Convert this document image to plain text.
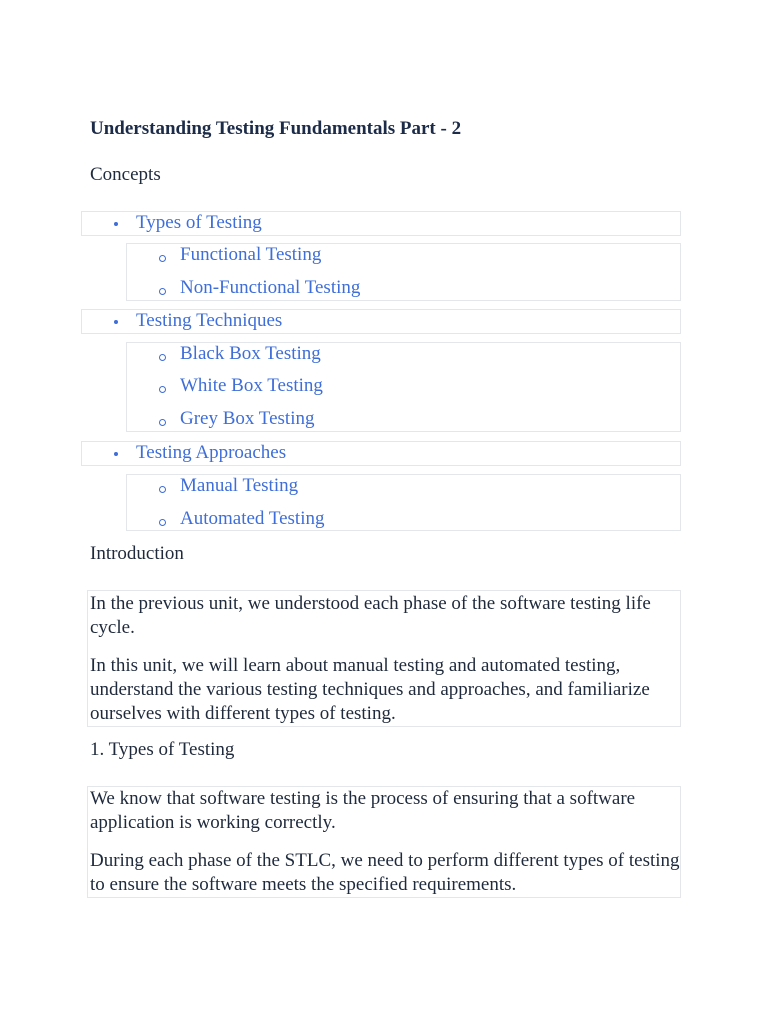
Understanding Testing Fundamentals Part - 2
Concepts
Types of Testing
Functional Testing
Non-Functional Testing
Testing Techniques
Black Box Testing
White Box Testing
Grey Box Testing
Testing Approaches
Manual Testing
Automated Testing
Introduction
In the previous unit, we understood each phase of the software testing life cycle.
In this unit, we will learn about manual testing and automated testing, understand the various testing techniques and approaches, and familiarize ourselves with different types of testing.
1. Types of Testing
We know that software testing is the process of ensuring that a software application is working correctly.
During each phase of the STLC, we need to perform different types of testing to ensure the software meets the specified requirements.
